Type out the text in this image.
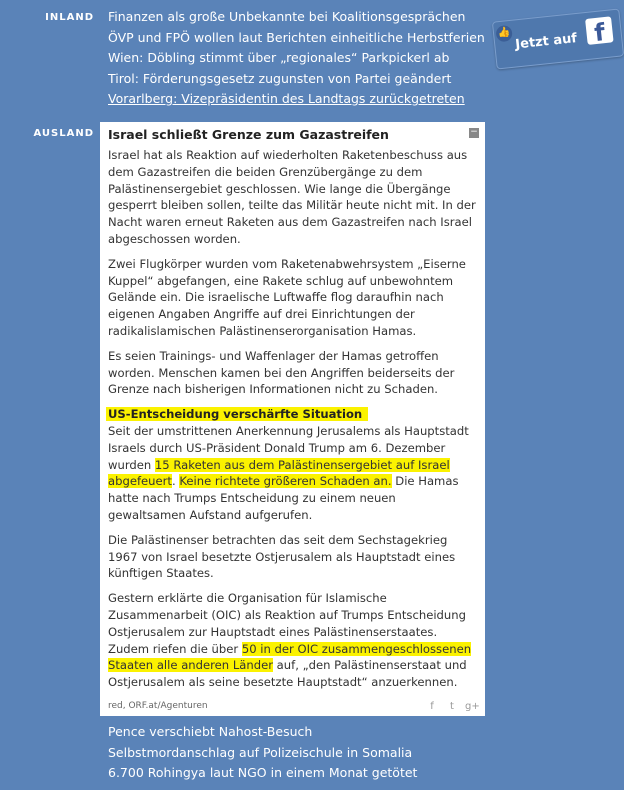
INLAND Finanzen als große Unbekannte bei Koalitionsgesprächen
ÖVP und FPÖ wollen laut Berichten einheitliche Herbstferien
Wien: Döbling stimmt über „regionales“ Parkpickerl ab
Tirol: Förderungsgesetz zugunsten von Partei geändert
Vorarlberg: Vizepräsidentin des Landtags zurückgetreten
👍 Jetzt auf f
AUSLAND Israel schließt Grenze zum Gazastreifen	−

Israel hat als Reaktion auf wiederholten Raketenbeschuss aus dem Gazastreifen die beiden Grenzübergänge zu dem Palästinensergebiet geschlossen. Wie lange die Übergänge gesperrt bleiben sollen, teilte das Militär heute nicht mit. In der Nacht waren erneut Raketen aus dem Gazastreifen nach Israel abgeschossen worden.

Zwei Flugkörper wurden vom Raketenabwehrsystem „Eiserne Kuppel“ abgefangen, eine Rakete schlug auf unbewohntem Gelände ein. Die israelische Luftwaffe flog daraufhin nach eigenen Angaben Angriffe auf drei Einrichtungen der radikalislamischen Palästinenserorganisation Hamas.

Es seien Trainings- und Waffenlager der Hamas getroffen worden. Menschen kamen bei den Angriffen beiderseits der Grenze nach bisherigen Informationen nicht zu Schaden.

US-Entscheidung verschärfte Situation

Seit der umstrittenen Anerkennung Jerusalems als Hauptstadt Israels durch US-Präsident Donald Trump am 6. Dezember wurden 15 Raketen aus dem Palästinensergebiet auf Israel abgefeuert. Keine richtete größeren Schaden an. Die Hamas hatte nach Trumps Entscheidung zu einem neuen gewaltsamen Aufstand aufgerufen.

Die Palästinenser betrachten das seit dem Sechstagekrieg 1967 von Israel besetzte Ostjerusalem als Hauptstadt eines künftigen Staates.

Gestern erklärte die Organisation für Islamische Zusammenarbeit (OIC) als Reaktion auf Trumps Entscheidung Ostjerusalem zur Hauptstadt eines Palästinenserstaates. Zudem riefen die über 50 in der OIC zusammengeschlossenen Staaten alle anderen Länder auf, „den Palästinenserstaat und Ostjerusalem als seine besetzte Hauptstadt“ anzuerkennen.

red, ORF.at/Agenturen	f	t	g+
Pence verschiebt Nahost-Besuch
Selbstmordanschlag auf Polizeischule in Somalia
6.700 Rohingya laut NGO in einem Monat getötet
